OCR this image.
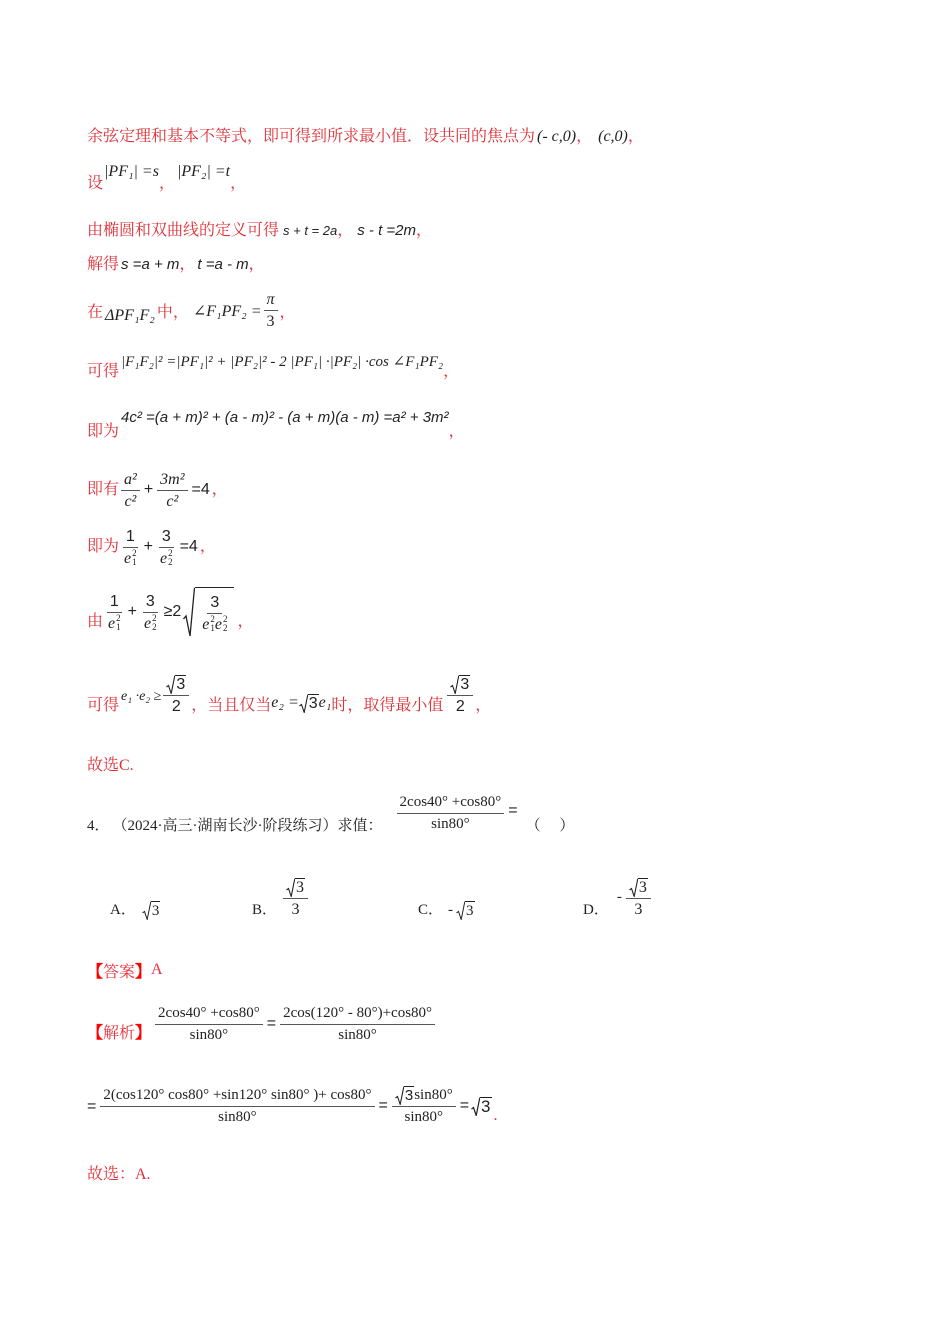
余弦定理和基本不等式，即可得到所求最小值．设共同的焦点为 (- c,0) ， (c,0) ，
设
|PF₁| =s
，
|PF₂| =t
，
由椭圆和双曲线的定义可得 s + t = 2a ， s - t =2m ，
解得 s =a + m ， t =a - m ，
在 ΔPF₁F₂ 中， ∠F₁PF₂ = $\frac{\pi}{3}$ ，
可得
|F₁F₂|² =|PF₁|² + |PF₂|² - 2 |PF₁| ·|PF₂| ·cos ∠F₁PF₂
，
即为
4c² =(a + m)² + (a - m)² - (a + m)(a - m) =a² + 3m²
，
即有 $\frac{\text{a²}}{\text{c²}} + \frac{\text{3m²}}{\text{c²}} =4$ ，
即为 1
e 2
1 + 3
e 2
2 =4 ，
由 1
e 2
1 + 3
e 2
2 ≥2
3
e 2
1 e 2
2 ，
可得
$e_1 \cdot e_2 \ge \frac{3}{2}$ ，当且仅当 e₂ = 3 e₁ 时，取得最小值 $\frac{3}{2}$ ，
故选C.
4． （2024·高三·湖南长沙·阶段练习） 求值： $\frac{2\cos 40^\circ +\cos 80^\circ}{\sin 80^\circ}$ =
（　 ）
A． 3	B． $\frac{3}{3}$	C． - 3	D．
- $\frac{3}{3}$
【 答案 】 A
【 解析 】 $\frac{2\cos 40^\circ +\cos 80^\circ}{\sin 80^\circ} = \frac{2\cos(120^\circ - 80^\circ)+\cos 80^\circ}{\sin 80^\circ}$
= $\frac{2(\cos 120^\circ \cos 80^\circ +\sin 120^\circ \sin 80^\circ )+ \cos 80^\circ}{\sin 80^\circ} = \frac{3 \sin 80^\circ}{\sin 80^\circ} = 3$ .
故选：A.
